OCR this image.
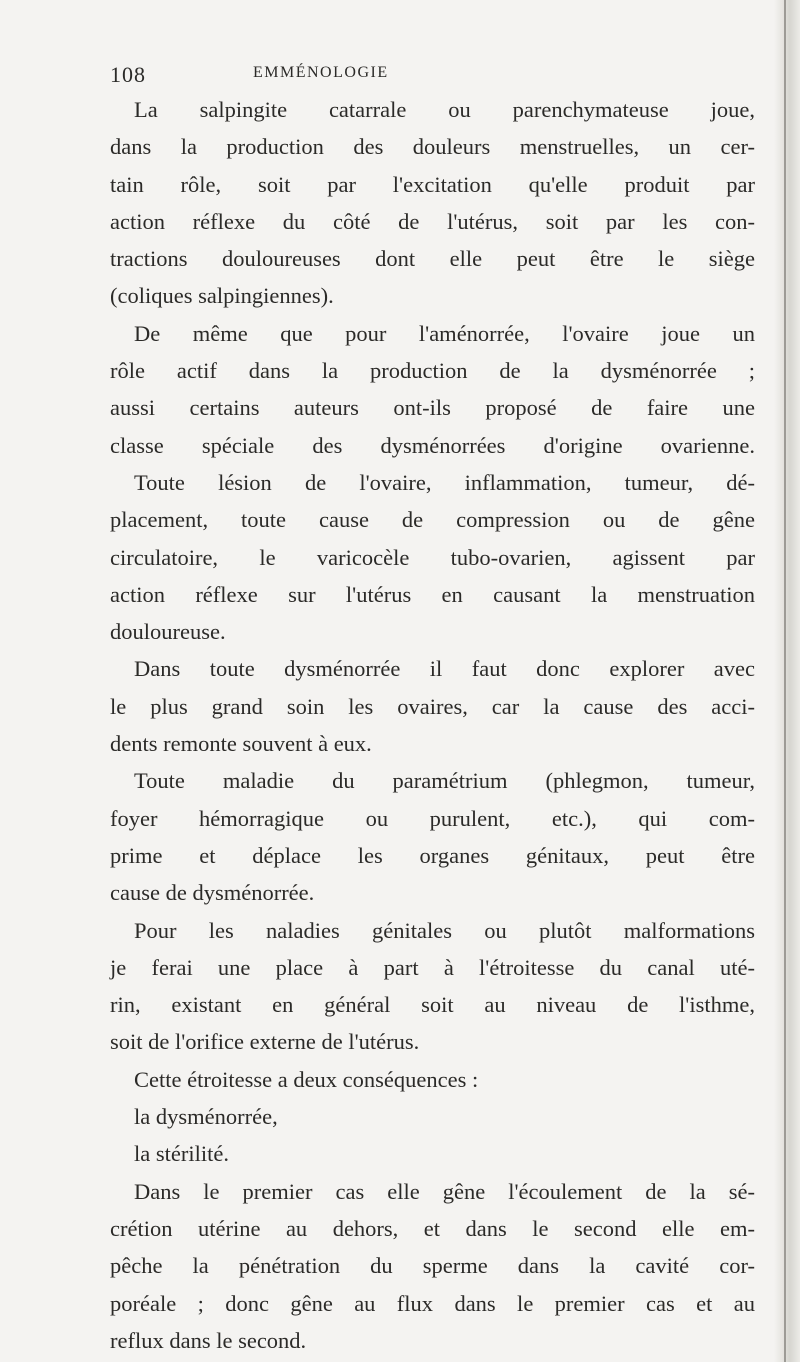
108	EMMÉNOLOGIE
La salpingite catarrale ou parenchymateuse joue,
dans la production des douleurs menstruelles, un cer-
tain rôle, soit par l'excitation qu'elle produit par
action réflexe du côté de l'utérus, soit par les con-
tractions douloureuses dont elle peut être le siège
(coliques salpingiennes).
De même que pour l'aménorrée, l'ovaire joue un
rôle actif dans la production de la dysménorrée ;
aussi certains auteurs ont-ils proposé de faire une
classe spéciale des dysménorrées d'origine ovarienne.
Toute lésion de l'ovaire, inflammation, tumeur, dé-
placement, toute cause de compression ou de gêne
circulatoire, le varicocèle tubo-ovarien, agissent par
action réflexe sur l'utérus en causant la menstruation
douloureuse.
Dans toute dysménorrée il faut donc explorer avec
le plus grand soin les ovaires, car la cause des acci-
dents remonte souvent à eux.
Toute maladie du paramétrium (phlegmon, tumeur,
foyer hémorragique ou purulent, etc.), qui com-
prime et déplace les organes génitaux, peut être
cause de dysménorrée.
Pour les naladies génitales ou plutôt malformations
je ferai une place à part à l'étroitesse du canal uté-
rin, existant en général soit au niveau de l'isthme,
soit de l'orifice externe de l'utérus.
Cette étroitesse a deux conséquences :
la dysménorrée,
la stérilité.
Dans le premier cas elle gêne l'écoulement de la sé-
crétion utérine au dehors, et dans le second elle em-
pêche la pénétration du sperme dans la cavité cor-
poréale ; donc gêne au flux dans le premier cas et au
reflux dans le second.
